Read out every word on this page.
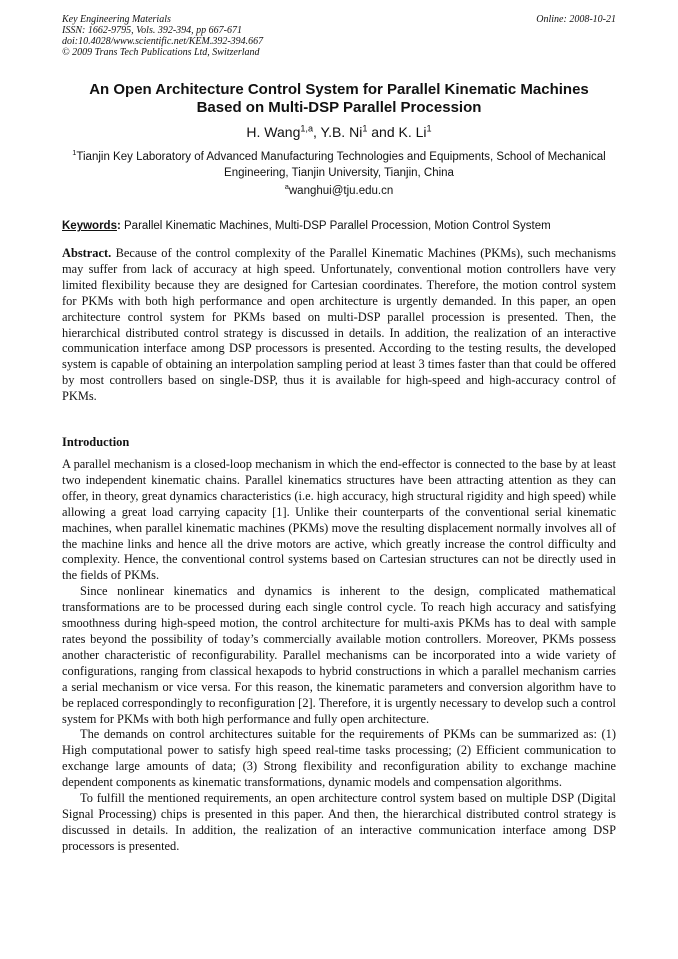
Key Engineering Materials
ISSN: 1662-9795, Vols. 392-394, pp 667-671
doi:10.4028/www.scientific.net/KEM.392-394.667
© 2009 Trans Tech Publications Ltd, Switzerland
Online: 2008-10-21
An Open Architecture Control System for Parallel Kinematic Machines
Based on Multi-DSP Parallel Procession
H. Wang$^{1,a}$, Y.B. Ni$^1$ and K. Li$^1$
$^1$Tianjin Key Laboratory of Advanced Manufacturing Technologies and Equipments, School of Mechanical Engineering, Tianjin University, Tianjin, China
$^a$wanghui@tju.edu.cn
Keywords: Parallel Kinematic Machines, Multi-DSP Parallel Procession, Motion Control System
Abstract. Because of the control complexity of the Parallel Kinematic Machines (PKMs), such mechanisms may suffer from lack of accuracy at high speed. Unfortunately, conventional motion controllers have very limited flexibility because they are designed for Cartesian coordinates. Therefore, the motion control system for PKMs with both high performance and open architecture is urgently demanded. In this paper, an open architecture control system for PKMs based on multi-DSP parallel procession is presented. Then, the hierarchical distributed control strategy is discussed in details. In addition, the realization of an interactive communication interface among DSP processors is presented. According to the testing results, the developed system is capable of obtaining an interpolation sampling period at least 3 times faster than that could be offered by most controllers based on single-DSP, thus it is available for high-speed and high-accuracy control of PKMs.
Introduction

A parallel mechanism is a closed-loop mechanism in which the end-effector is connected to the base by at least two independent kinematic chains. Parallel kinematics structures have been attracting attention as they can offer, in theory, great dynamics characteristics (i.e. high accuracy, high structural rigidity and high speed) while allowing a great load carrying capacity [1]. Unlike their counterparts of the conventional serial kinematic machines, when parallel kinematic machines (PKMs) move the resulting displacement normally involves all of the machine links and hence all the drive motors are active, which greatly increase the control difficulty and complexity. Hence, the conventional control systems based on Cartesian structures can not be directly used in the fields of PKMs.

Since nonlinear kinematics and dynamics is inherent to the design, complicated mathematical transformations are to be processed during each single control cycle. To reach high accuracy and satisfying smoothness during high-speed motion, the control architecture for multi-axis PKMs has to deal with sample rates beyond the possibility of today’s commercially available motion controllers. Moreover, PKMs possess another characteristic of reconfigurability. Parallel mechanisms can be incorporated into a wide variety of configurations, ranging from classical hexapods to hybrid constructions in which a parallel mechanism carries a serial mechanism or vice versa. For this reason, the kinematic parameters and conversion algorithm have to be replaced correspondingly to reconfiguration [2]. Therefore, it is urgently necessary to develop such a control system for PKMs with both high performance and fully open architecture.

The demands on control architectures suitable for the requirements of PKMs can be summarized as: (1) High computational power to satisfy high speed real-time tasks processing; (2) Efficient communication to exchange large amounts of data; (3) Strong flexibility and reconfiguration ability to exchange machine dependent components as kinematic transformations, dynamic models and compensation algorithms.

To fulfill the mentioned requirements, an open architecture control system based on multiple DSP (Digital Signal Processing) chips is presented in this paper. And then, the hierarchical distributed control strategy is discussed in details. In addition, the realization of an interactive communication interface among DSP processors is presented.
